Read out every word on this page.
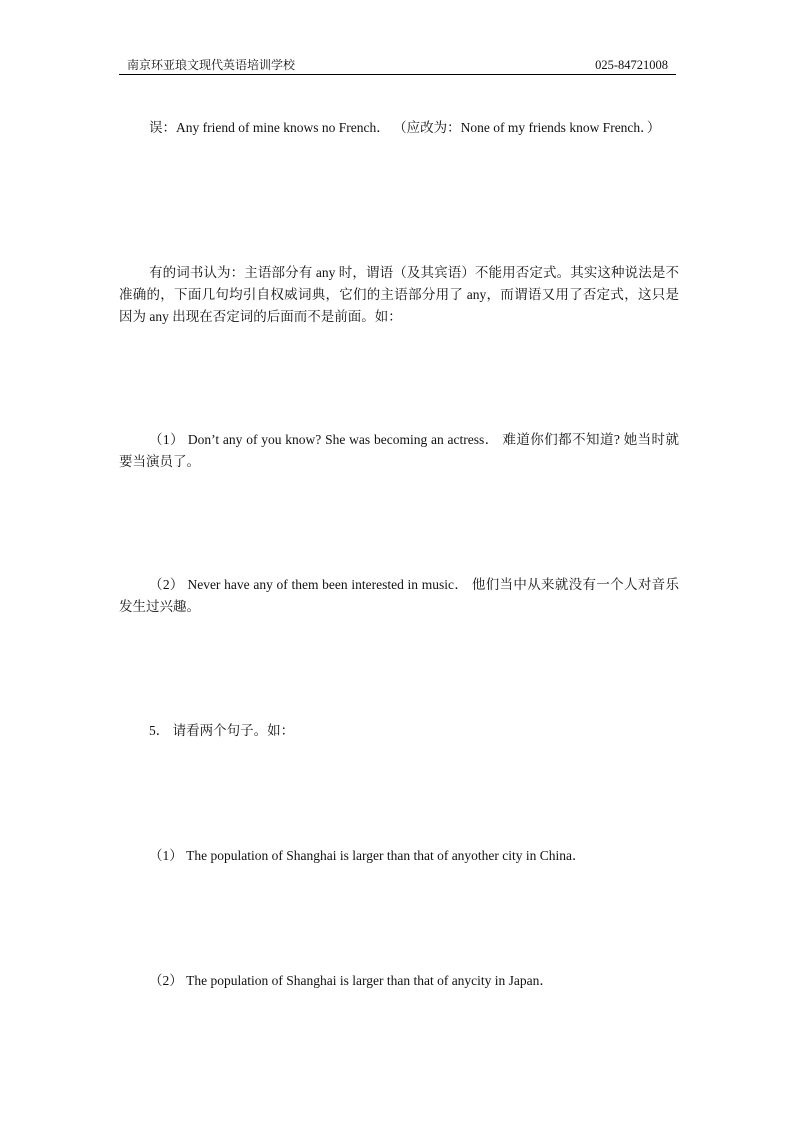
南京环亚琅文现代英语培训学校	025-84721008

误：Any friend of mine knows no French． （应改为：None of my friends know French．）

有的词书认为：主语部分有 any 时，谓语（及其宾语）不能用否定式。其实这种说法是不准确的，下面几句均引自权威词典，它们的主语部分用了 any，而谓语又用了否定式，这只是因为 any 出现在否定词的后面而不是前面。如：

（1） Don’t any of you know? She was becoming an actress． 难道你们都不知道? 她当时就要当演员了。

（2） Never have any of them been interested in music． 他们当中从来就没有一个人对音乐发生过兴趣。

5． 请看两个句子。如：

（1） The population of Shanghai is larger than that of anyother city in China．

（2） The population of Shanghai is larger than that of anycity in Japan．
